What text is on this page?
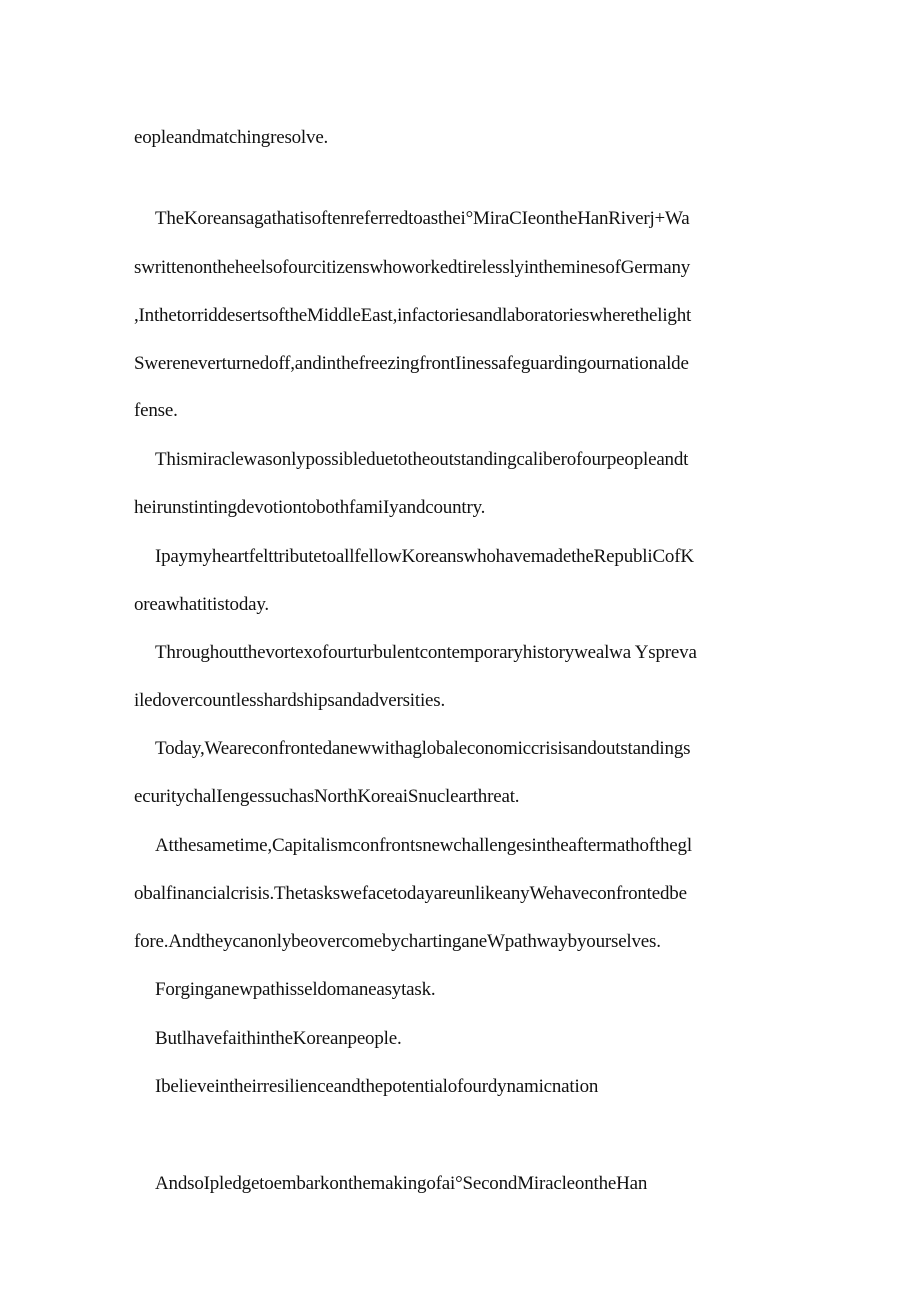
eopleandmatchingresolve.
TheKoreansagathatisoftenreferredtoasthei°MiraCIeontheHanRiverj+Wa
swrittenontheheelsofourcitizenswhoworkedtirelesslyintheminesofGermany
,InthetorriddesertsoftheMiddleEast,infactoriesandlaboratorieswherethelight
Swereneverturnedoff,andinthefreezingfrontIinessafeguardingournationalde
fense.
Thismiraclewasonlypossibleduetotheoutstandingcaliberofourpeopleandt
heirunstintingdevotiontobothfamiIyandcountry.
IpaymyheartfelttributetoallfellowKoreanswhohavemadetheRepubliCofK
oreawhatitistoday.
Throughoutthevortexofourturbulentcontemporaryhistorywealwa Yspreva
iledovercountlesshardshipsandadversities.
Today,Weareconfrontedanewwithaglobaleconomiccrisisandoutstandings
ecuritychalIengessuchasNorthKoreaiSnuclearthreat.
Atthesametime,Capitalismconfrontsnewchallengesintheaftermathofthegl
obalfinancialcrisis.ThetaskswefacetodayareunlikeanyWehaveconfrontedbe
fore.AndtheycanonlybeovercomebychartinganeWpathwaybyourselves.
Forginganewpathisseldomaneasytask.
ButlhavefaithintheKoreanpeople.
Ibelieveintheirresilienceandthepotentialofourdynamicnation
AndsoIpledgetoembarkonthemakingofai°SecondMiracleontheHan
